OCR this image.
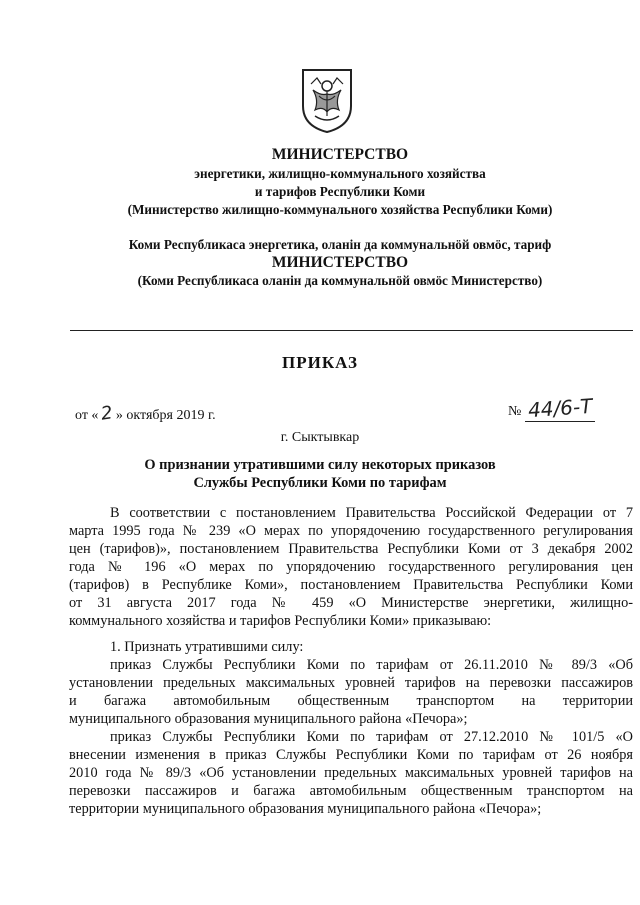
МИНИСТЕРСТВО
энергетики, жилищно-коммунального хозяйства
и тарифов Республики Коми
(Министерство жилищно-коммунального хозяйства Республики Коми)
Коми Республикаса энергетика, оланiн да коммунальнӧй овмӧс, тариф
МИНИСТЕРСТВО
(Коми Республикаса оланiн да коммунальнӧй овмӧс Министерство)
ПРИКАЗ
от «2 » октября 2019 г.	№ 44/6-Т
г. Сыктывкар
О признании утратившими силу некоторых приказов
Службы Республики Коми по тарифам
В соответствии с постановлением Правительства Российской Федерации от 7
марта 1995 года № 239 «О мерах по упорядочению государственного регулирования
цен (тарифов)», постановлением Правительства Республики Коми от 3 декабря 2002
года № 196 «О мерах по упорядочению государственного регулирования цен
(тарифов) в Республике Коми», постановлением Правительства Республики Коми
от 31 августа 2017 года № 459 «О Министерстве энергетики, жилищно-
коммунального хозяйства и тарифов Республики Коми» приказываю:
1. Признать утратившими силу:
приказ Службы Республики Коми по тарифам от 26.11.2010 № 89/3 «Об
установлении предельных максимальных уровней тарифов на перевозки пассажиров
и багажа автомобильным общественным транспортом на территории
муниципального образования муниципального района «Печора»;
приказ Службы Республики Коми по тарифам от 27.12.2010 № 101/5 «О
внесении изменения в приказ Службы Республики Коми по тарифам от 26 ноября
2010 года № 89/3 «Об установлении предельных максимальных уровней тарифов на
перевозки пассажиров и багажа автомобильным общественным транспортом на
территории муниципального образования муниципального района «Печора»;
